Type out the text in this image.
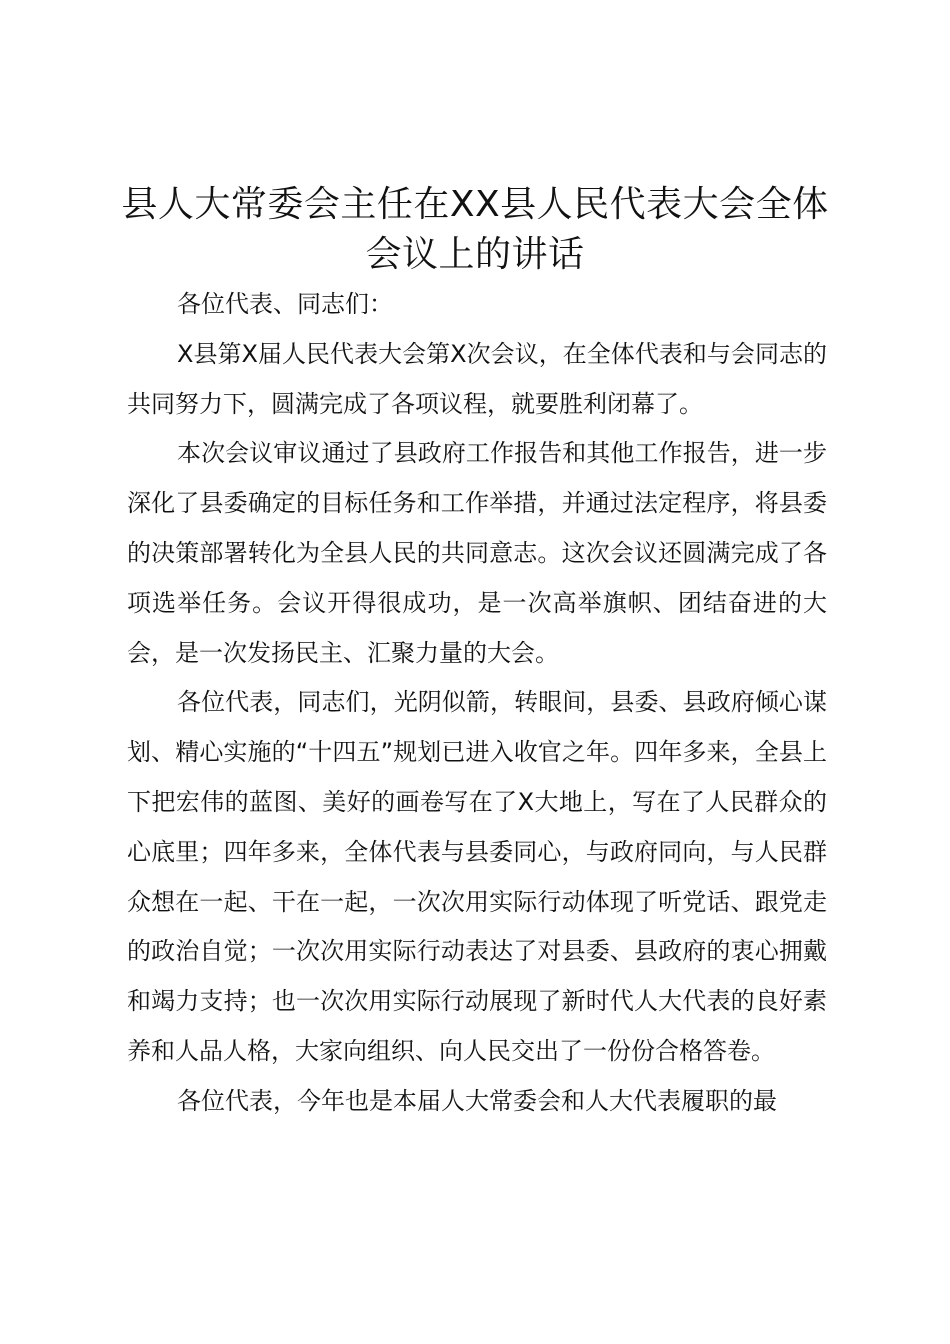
县人大常委会主任在XX县人民代表大会全体
会议上的讲话

各位代表、同志们：

X县第X届人民代表大会第X次会议，在全体代表和与会同志的共同努力下，圆满完成了各项议程，就要胜利闭幕了。

本次会议审议通过了县政府工作报告和其他工作报告，进一步深化了县委确定的目标任务和工作举措，并通过法定程序，将县委的决策部署转化为全县人民的共同意志。这次会议还圆满完成了各项选举任务。会议开得很成功，是一次高举旗帜、团结奋进的大会，是一次发扬民主、汇聚力量的大会。

各位代表，同志们，光阴似箭，转眼间，县委、县政府倾心谋划、精心实施的“十四五”规划已进入收官之年。四年多来，全县上下把宏伟的蓝图、美好的画卷写在了X大地上，写在了人民群众的心底里；四年多来，全体代表与县委同心，与政府同向，与人民群众想在一起、干在一起，一次次用实际行动体现了听党话、跟党走的政治自觉；一次次用实际行动表达了对县委、县政府的衷心拥戴和竭力支持；也一次次用实际行动展现了新时代人大代表的良好素养和人品人格，大家向组织、向人民交出了一份份合格答卷。

各位代表，今年也是本届人大常委会和人大代表履职的最
